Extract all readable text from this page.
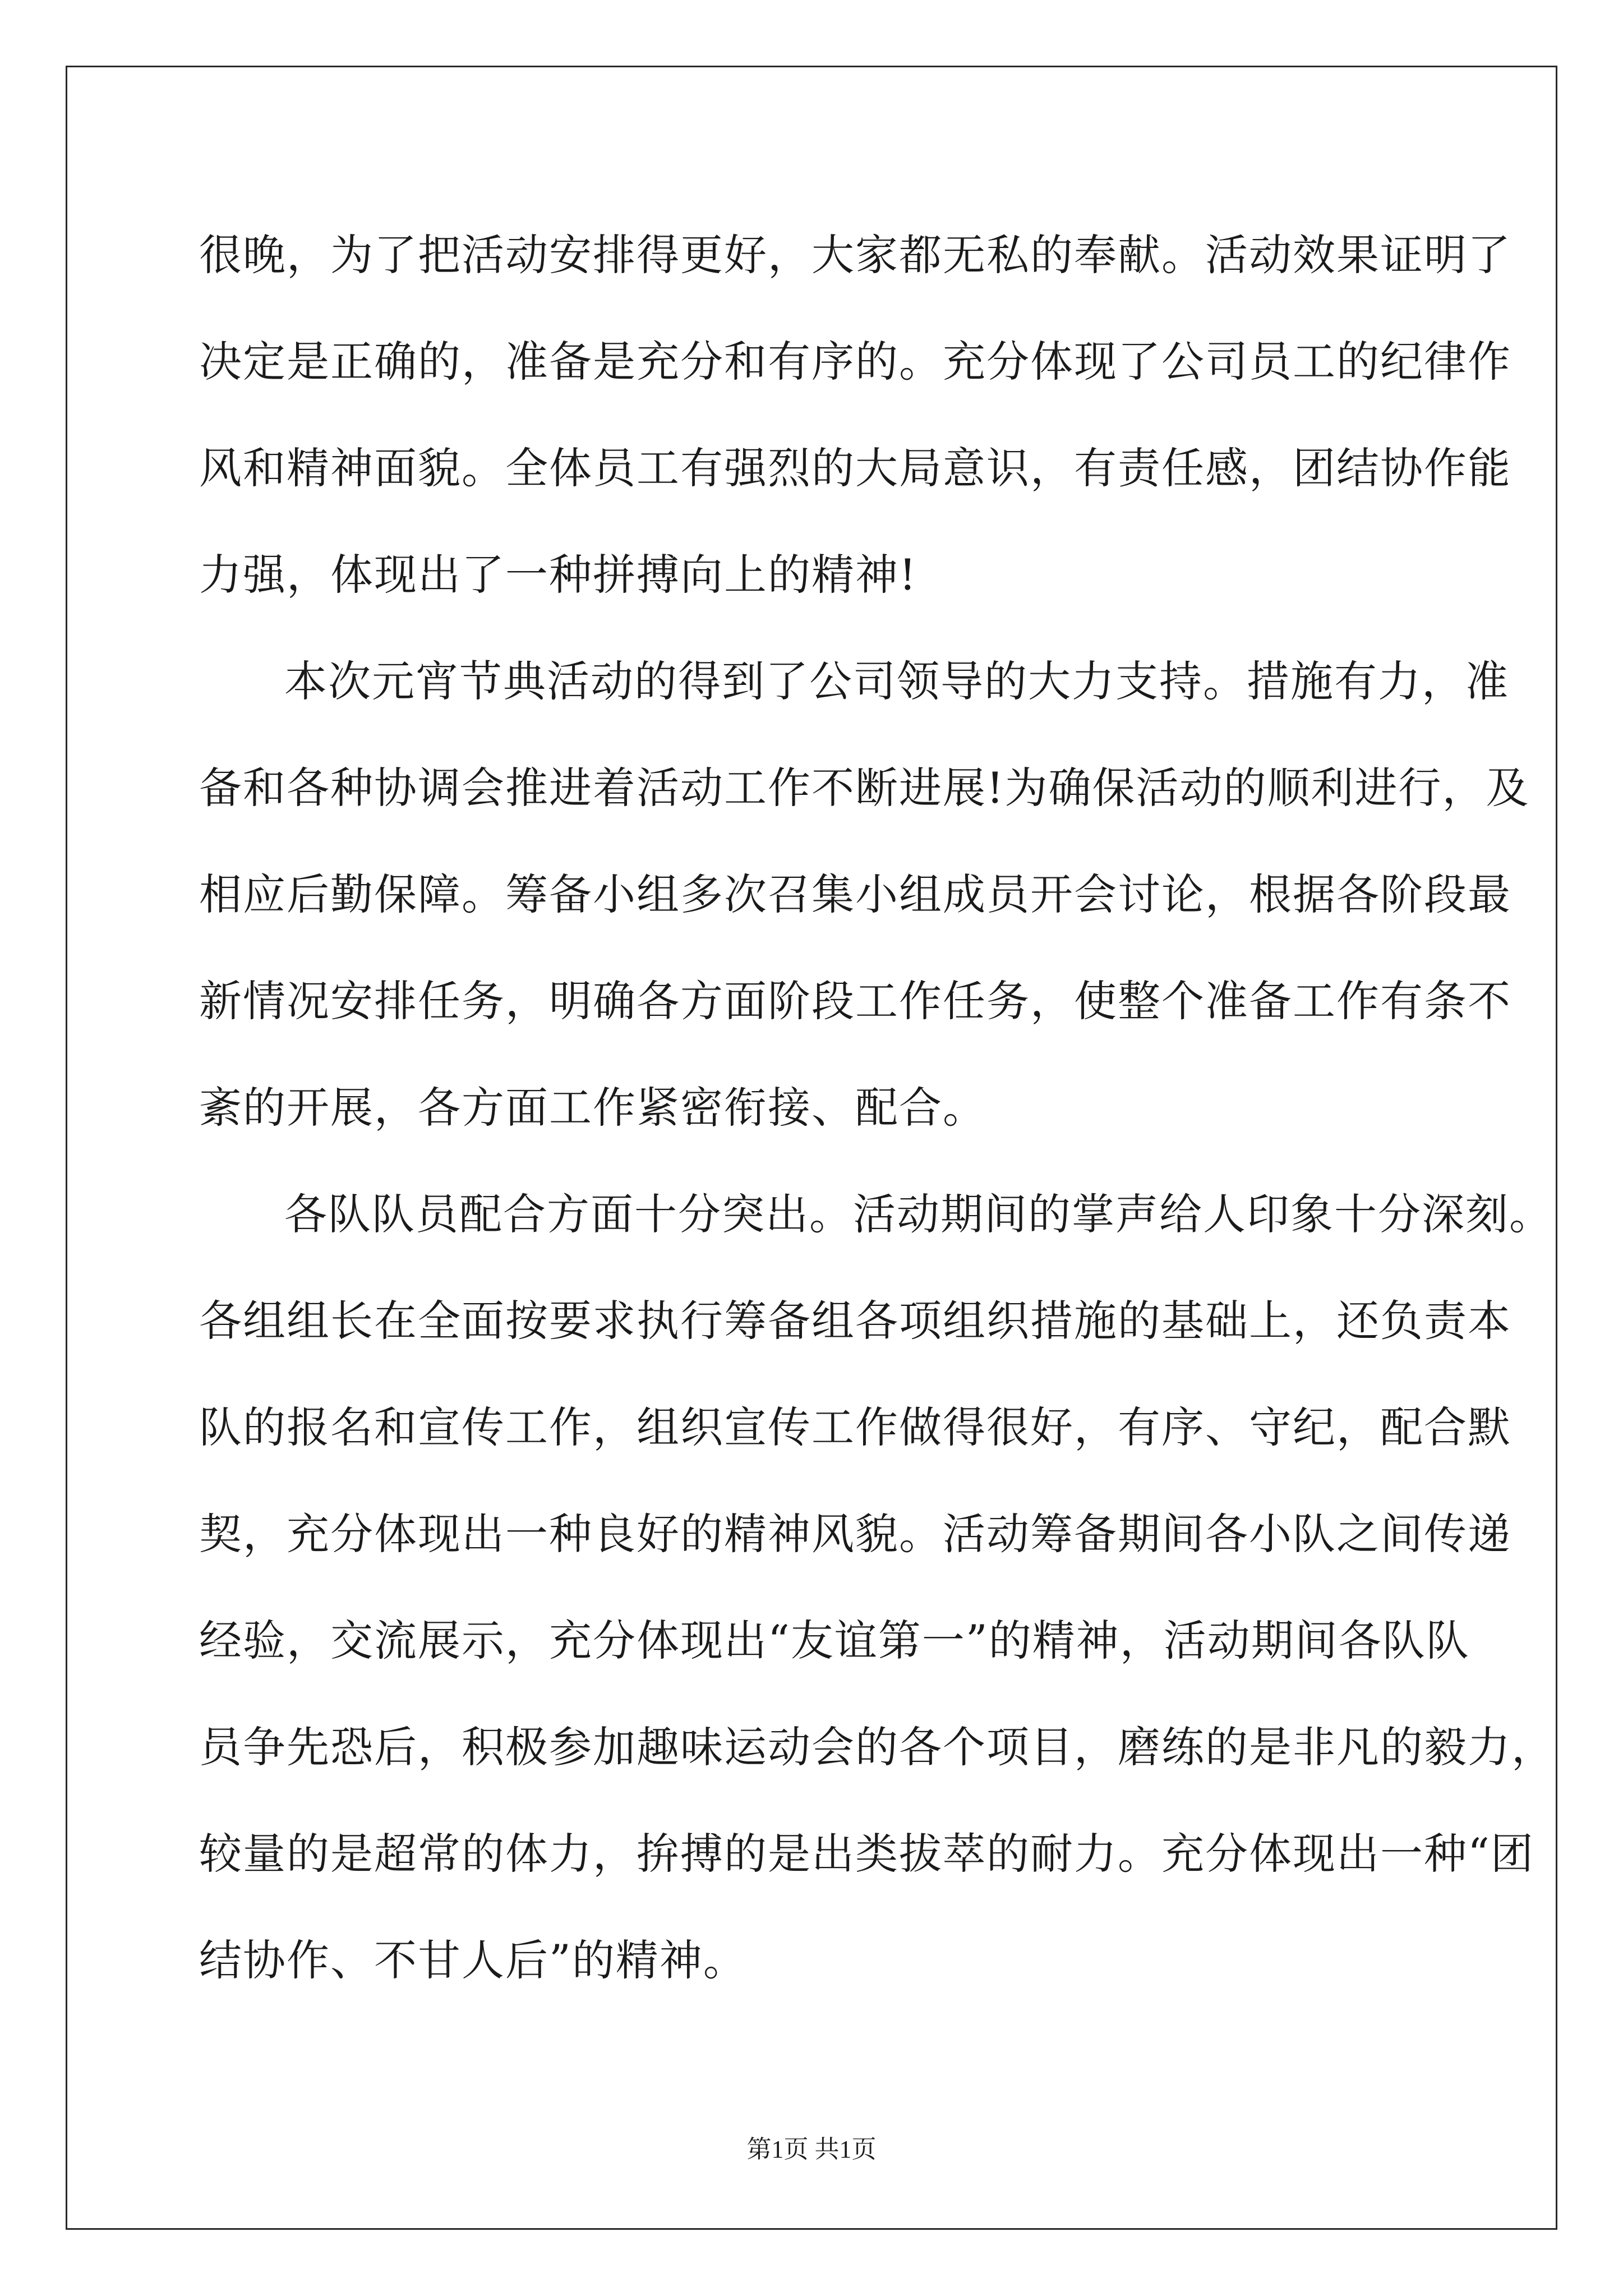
很晚，为了把活动安排得更好，大家都无私的奉献。活动效果证明了
决定是正确的，准备是充分和有序的。充分体现了公司员工的纪律作
风和精神面貌。全体员工有强烈的大局意识，有责任感，团结协作能
力强，体现出了一种拼搏向上的精神!
本次元宵节典活动的得到了公司领导的大力支持。措施有力，准
备和各种协调会推进着活动工作不断进展!为确保活动的顺利进行，及
相应后勤保障。筹备小组多次召集小组成员开会讨论，根据各阶段最
新情况安排任务，明确各方面阶段工作任务，使整个准备工作有条不
紊的开展，各方面工作紧密衔接、配合。
各队队员配合方面十分突出。活动期间的掌声给人印象十分深刻。
各组组长在全面按要求执行筹备组各项组织措施的基础上，还负责本
队的报名和宣传工作，组织宣传工作做得很好，有序、守纪，配合默
契，充分体现出一种良好的精神风貌。活动筹备期间各小队之间传递
经验，交流展示，充分体现出“友谊第一”的精神，活动期间各队队
员争先恐后，积极参加趣味运动会的各个项目，磨练的是非凡的毅力，
较量的是超常的体力，拚搏的是出类拔萃的耐力。充分体现出一种“团
结协作、不甘人后”的精神。
第1页 共1页
